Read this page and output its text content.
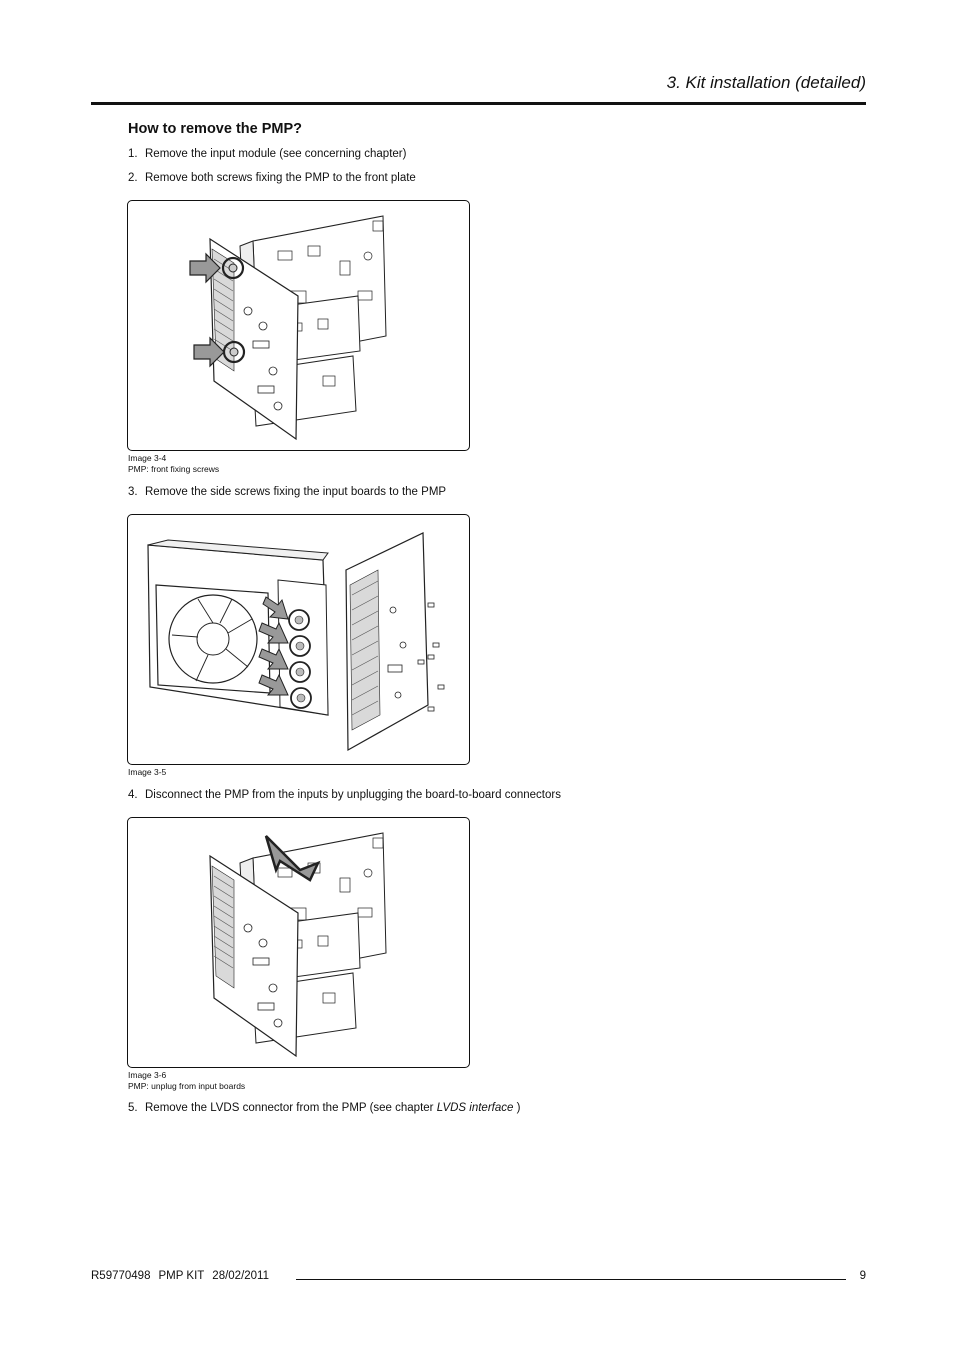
3. Kit installation (detailed)
How to remove the PMP?
1. Remove the input module (see concerning chapter)
2. Remove both screws fixing the PMP to the front plate
Image 3-4
PMP: front fixing screws
3. Remove the side screws fixing the input boards to the PMP
Image 3-5
4. Disconnect the PMP from the inputs by unplugging the board-to-board connectors
Image 3-6
PMP: unplug from input boards
5. Remove the LVDS connector from the PMP (see chapter LVDS interface )
R59770498 PMP KIT 28/02/2011	9
